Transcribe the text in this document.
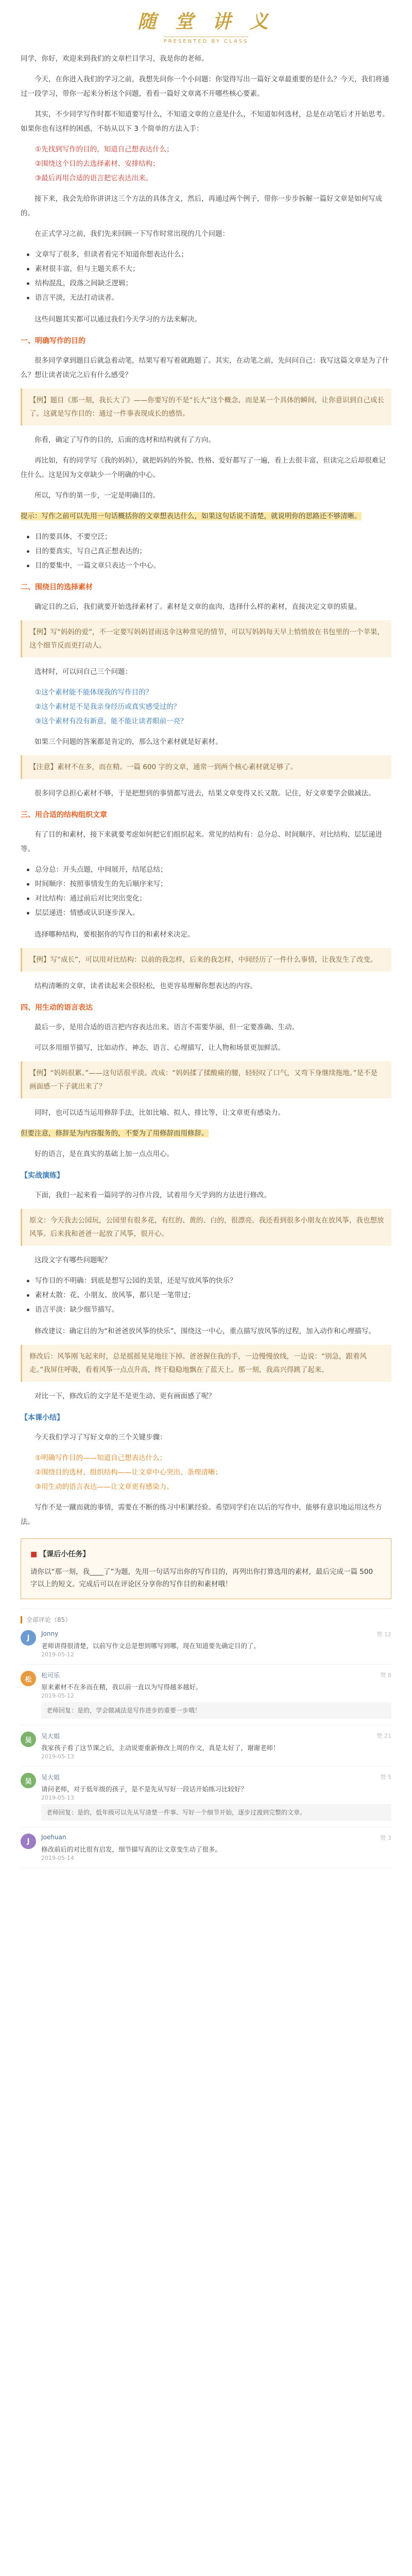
随 堂 讲 义
PRESENTED BY CLASS

同学，你好，欢迎来到我们的文章栏目学习，我是你的老师。

今天，在你进入我们的学习之前，我想先问你一个小问题：你觉得写出一篇好文章最重要的是什么？今天，我们将通过一段学习，带你一起来分析这个问题，看看一篇好文章离不开哪些核心要素。

其实，不少同学写作时都不知道要写什么，不知道文章的立意是什么，不知道如何选材，总是在动笔后才开始思考。如果你也有这样的困惑，不妨从以下 3 个简单的方法入手：

①先找到写作的目的，知道自己想表达什么；
②围绕这个目的去选择素材、安排结构；
③最后再用合适的语言把它表达出来。

接下来，我会先给你讲讲这三个方法的具体含义，然后，再通过两个例子，带你一步步拆解一篇好文章是如何写成的。

在正式学习之前，我们先来回顾一下写作时常出现的几个问题：

文章写了很多，但读者看完不知道你想表达什么；
素材很丰富，但与主题关系不大；
结构混乱，段落之间缺乏逻辑；
语言平淡，无法打动读者。

这些问题其实都可以通过我们今天学习的方法来解决。

一、明确写作的目的

很多同学拿到题目后就急着动笔，结果写着写着就跑题了。其实，在动笔之前，先问问自己：我写这篇文章是为了什么？想让读者读完之后有什么感受？

【例】题目《那一刻，我长大了》——你要写的不是“长大”这个概念，而是某一个具体的瞬间，让你意识到自己成长了。这就是写作目的：通过一件事表现成长的感悟。

你看，确定了写作的目的，后面的选材和结构就有了方向。

再比如，有的同学写《我的妈妈》，就把妈妈的外貌、性格、爱好都写了一遍，看上去很丰富，但读完之后却很难记住什么。这是因为文章缺少一个明确的中心。

所以，写作的第一步，一定是明确目的。

提示：写作之前可以先用一句话概括你的文章想表达什么，如果这句话说不清楚，就说明你的思路还不够清晰。

目的要具体，不要空泛；
目的要真实，写自己真正想表达的；
目的要集中，一篇文章只表达一个中心。
二、围绕目的选择素材

确定目的之后，我们就要开始选择素材了。素材是文章的血肉，选择什么样的素材，直接决定文章的质量。

【例】写“妈妈的爱”，不一定要写妈妈冒雨送伞这种常见的情节，可以写妈妈每天早上悄悄放在书包里的一个苹果，这个细节反而更打动人。

选材时，可以问自己三个问题：

①这个素材能不能体现我的写作目的？
②这个素材是不是我亲身经历或真实感受过的？
③这个素材有没有新意，能不能让读者眼前一亮？

如果三个问题的答案都是肯定的，那么这个素材就是好素材。

【注意】素材不在多，而在精。一篇 600 字的文章，通常一到两个核心素材就足够了。

很多同学总担心素材不够，于是把想到的事情都写进去，结果文章变得又长又散。记住，好文章要学会做减法。

三、用合适的结构组织文章

有了目的和素材，接下来就要考虑如何把它们组织起来。常见的结构有：总分总、时间顺序、对比结构、层层递进等。

总分总：开头点题，中间展开，结尾总结；
时间顺序：按照事情发生的先后顺序来写；
对比结构：通过前后对比突出变化；
层层递进：情感或认识逐步深入。

选择哪种结构，要根据你的写作目的和素材来决定。

【例】写“成长”，可以用对比结构：以前的我怎样，后来的我怎样，中间经历了一件什么事情，让我发生了改变。

结构清晰的文章，读者读起来会很轻松，也更容易理解你想表达的内容。

四、用生动的语言表达

最后一步，是用合适的语言把内容表达出来。语言不需要华丽，但一定要准确、生动。

可以多用细节描写，比如动作、神态、语言、心理描写，让人物和场景更加鲜活。

【例】“妈妈很累。”——这句话很平淡。改成：“妈妈揉了揉酸痛的腰，轻轻叹了口气，又弯下身继续拖地。”是不是画面感一下子就出来了？

同时，也可以适当运用修辞手法，比如比喻、拟人、排比等，让文章更有感染力。

但要注意，修辞是为内容服务的，不要为了用修辞而用修辞。

好的语言，是在真实的基础上加一点点用心。

【实战演练】

下面，我们一起来看一篇同学的习作片段，试着用今天学到的方法进行修改。

原文：今天我去公园玩，公园里有很多花，有红的、黄的、白的，很漂亮。我还看到很多小朋友在放风筝，我也想放风筝。后来我和爸爸一起放了风筝，很开心。

这段文字有哪些问题呢？

写作目的不明确：到底是想写公园的美景，还是写放风筝的快乐？
素材太散：花、小朋友、放风筝，都只是一笔带过；
语言平淡：缺少细节描写。

修改建议：确定目的为“和爸爸放风筝的快乐”，围绕这一中心，重点描写放风筝的过程，加入动作和心理描写。

修改后：风筝刚飞起来时，总是摇摇晃晃地往下掉。爸爸握住我的手，一边慢慢放线，一边说：“别急，跟着风走。”我屏住呼吸，看着风筝一点点升高，终于稳稳地飘在了蓝天上。那一刻，我高兴得跳了起来。

对比一下，修改后的文字是不是更生动、更有画面感了呢？

【本课小结】

今天我们学习了写好文章的三个关键步骤：

①明确写作目的——知道自己想表达什么；
②围绕目的选材、组织结构——让文章中心突出、条理清晰；
③用生动的语言表达——让文章更有感染力。

写作不是一蹴而就的事情，需要在不断的练习中积累经验。希望同学们在以后的写作中，能够有意识地运用这些方法。

■ 【课后小任务】
请你以“那一刻，我____了”为题，先用一句话写出你的写作目的，再列出你打算选用的素材，最后完成一篇 500 字以上的短文。完成后可以在评论区分享你的写作目的和素材哦！
全部评论（85）
J
Jonny	赞 12
老师讲得很清楚，以前写作文总是想到哪写到哪，现在知道要先确定目的了。
2019-05-12
松
松可乐	赞 8
原来素材不在多而在精，我以前一直以为写得越多越好。
2019-05-12
老师回复：是的，学会做减法是写作进步的重要一步哦！
吴
吴大姐	赞 21
我家孩子看了这节课之后，主动说要重新修改上周的作文，真是太好了，谢谢老师！
2019-05-13
吴
吴大姐	赞 5
请问老师，对于低年级的孩子，是不是先从写好一段话开始练习比较好？
2019-05-13
老师回复：是的，低年级可以先从写清楚一件事、写好一个细节开始，逐步过渡到完整的文章。
J
Joehuan	赞 3
修改前后的对比很有启发，细节描写真的让文章变生动了很多。
2019-05-14
